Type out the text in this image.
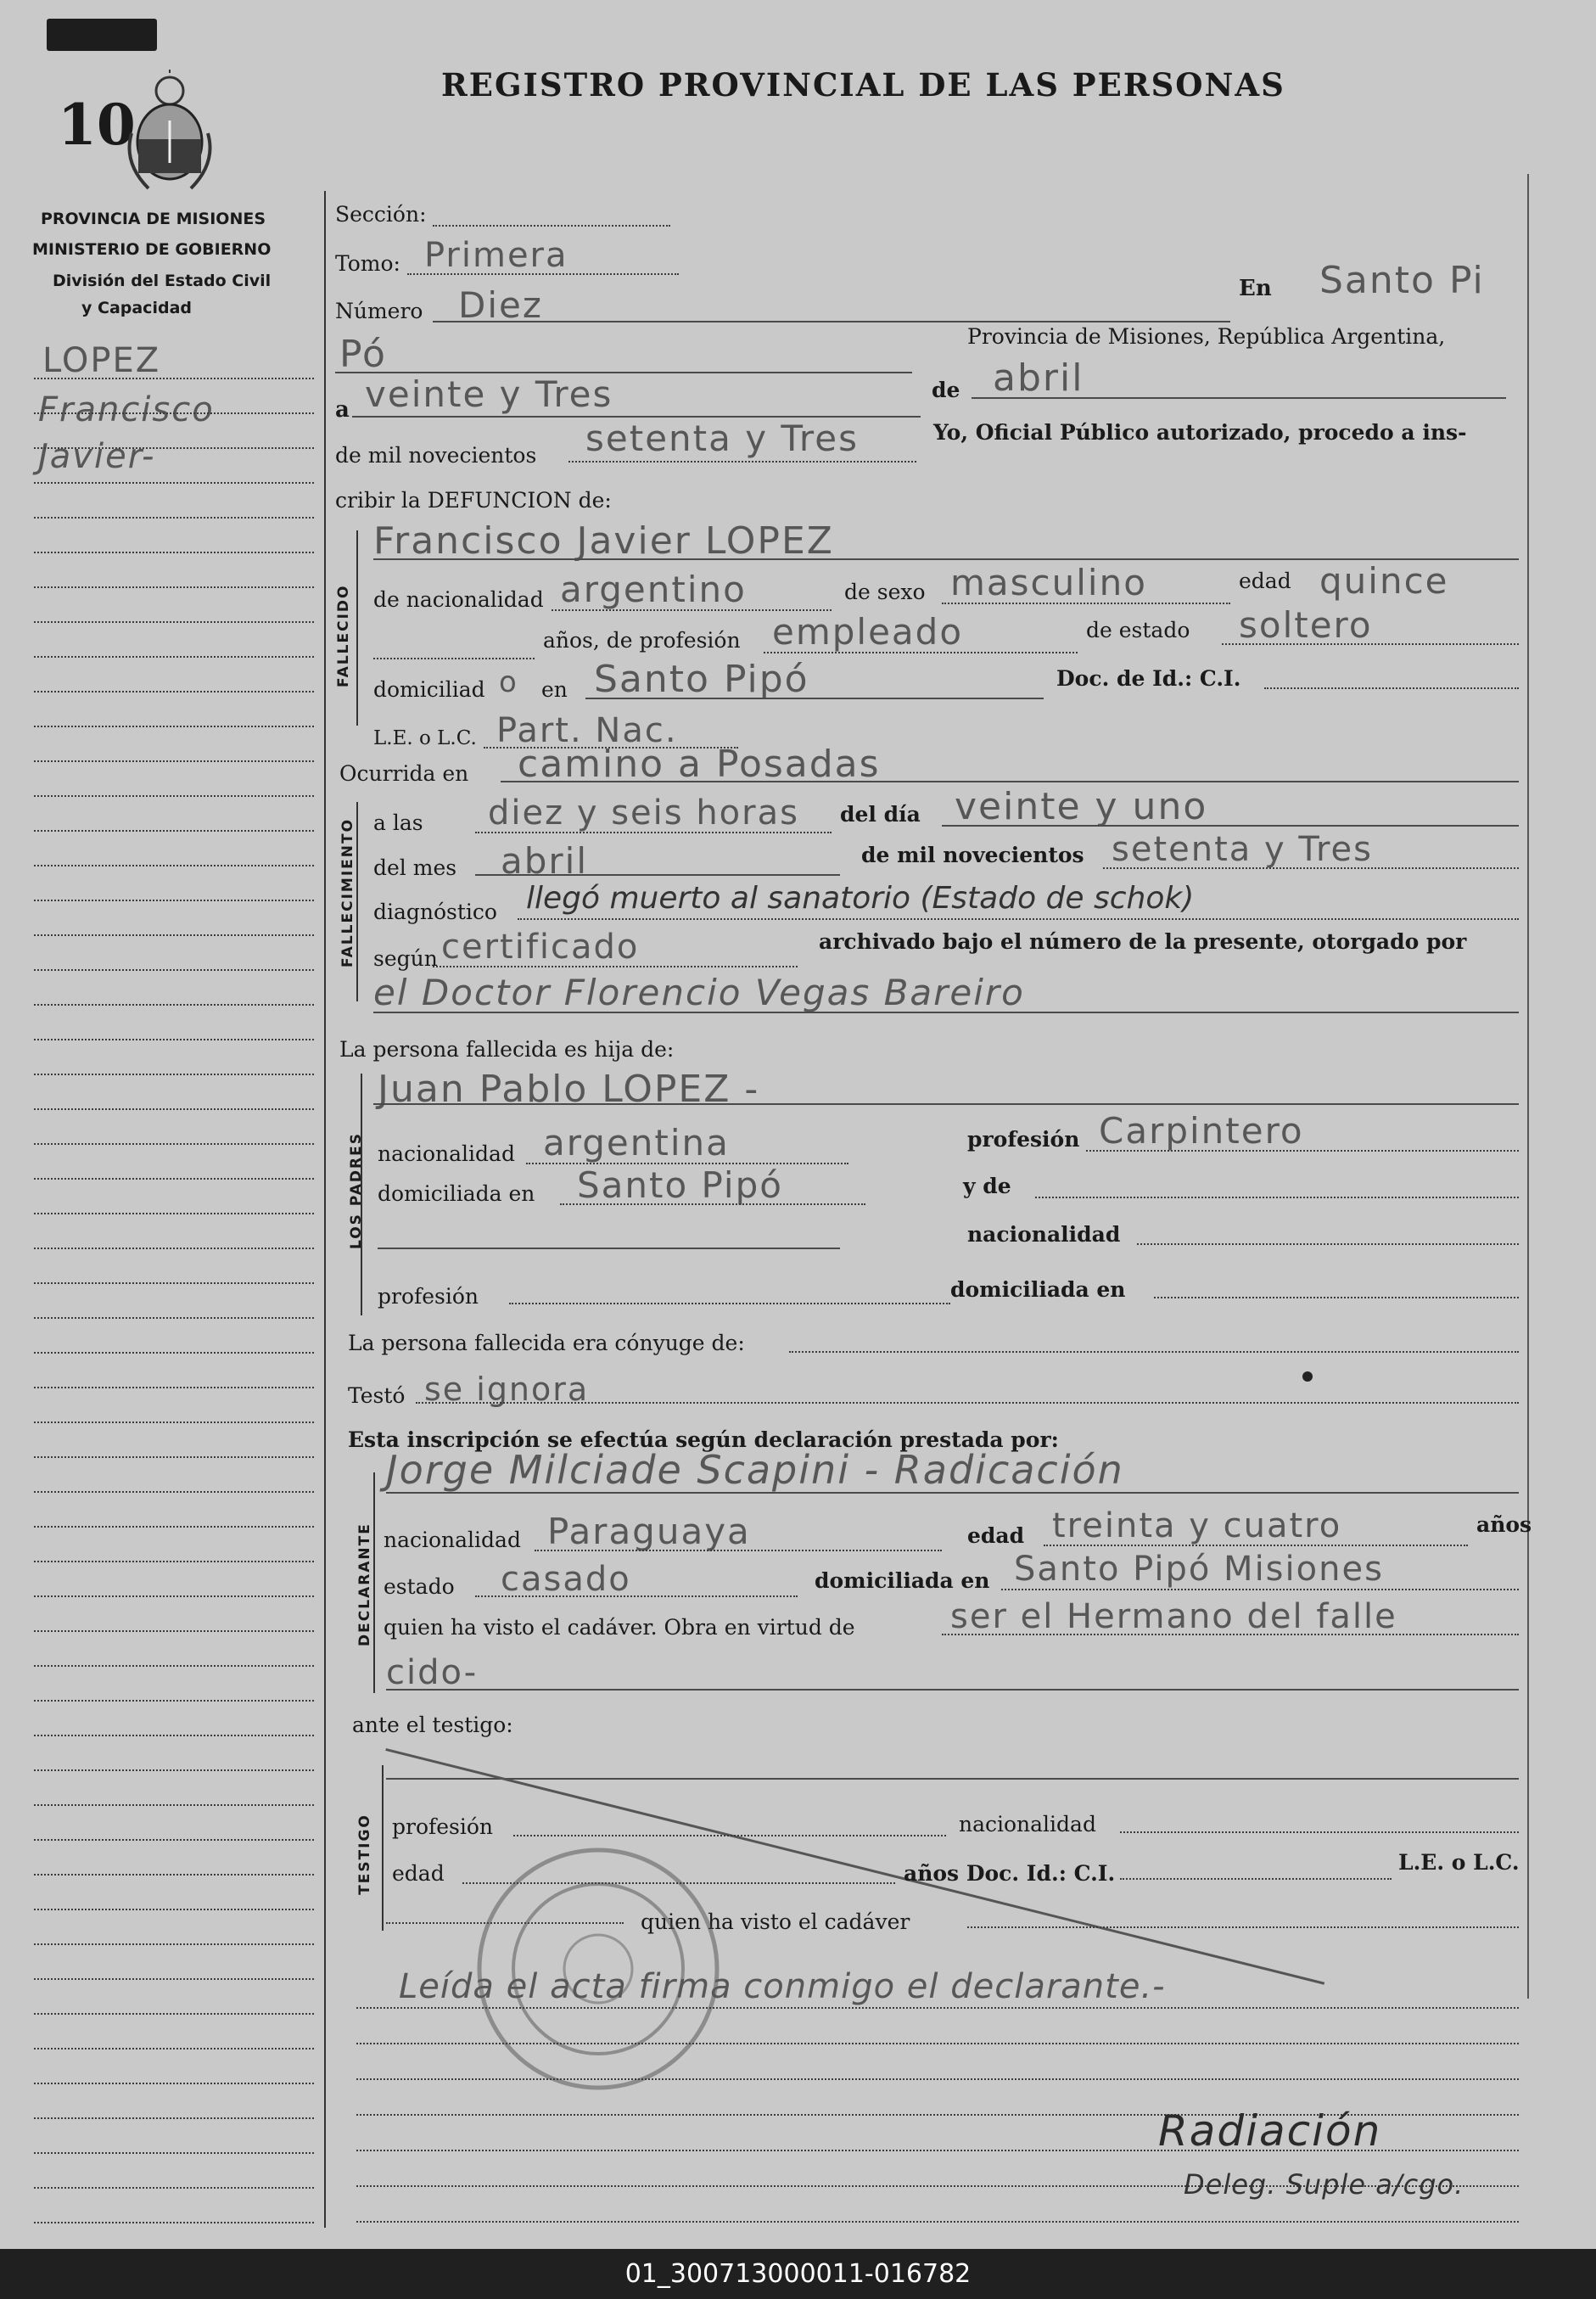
10
REGISTRO PROVINCIAL DE LAS PERSONAS
PROVINCIA DE MISIONES
MINISTERIO DE GOBIERNO
División del Estado Civil
y Capacidad
LOPEZ
Francisco
Javier-
Sección:
Tomo: Primera
Número Diez	En Santo Pi
Pó	Provincia de Misiones, República Argentina,
a veinte y Tres	de abril
de mil novecientos setenta y Tres	Yo, Oficial Público autorizado, procedo a ins-
cribir la DEFUNCION de:
FALLECIDO
Francisco Javier LOPEZ
de nacionalidad argentino	de sexo masculino	edad quince
años, de profesión empleado	de estado soltero
domiciliad o en Santo Pipó	Doc. de Id.: C.I.
L.E. o L.C. Part. Nac.
Ocurrida en camino a Posadas
FALLECIMIENTO a las diez y seis horas del día veinte y uno
del mes abril	de mil novecientos setenta y Tres
diagnóstico llegó muerto al sanatorio (Estado de schok)
según certificado	archivado bajo el número de la presente, otorgado por
el Doctor Florencio Vegas Bareiro
La persona fallecida es hija de:
LOS PADRES
Juan Pablo LOPEZ -
nacionalidad argentina	profesión Carpintero
domiciliada en Santo Pipó	y de
nacionalidad
profesión	domiciliada en
La persona fallecida era cónyuge de:
Testó se ignora
Esta inscripción se efectúa según declaración prestada por:
DECLARANTE
Jorge Milciade Scapini - Radicación
nacionalidad Paraguaya	edad treinta y cuatro	años
estado casado	domiciliada en Santo Pipó Misiones
quien ha visto el cadáver. Obra en virtud de	ser el Hermano del falle
cido-
ante el testigo:
TESTIGO profesión	nacionalidad
edad	años Doc. Id.: C.I.	L.E. o L.C.
quien ha visto el cadáver
Leída el acta firma conmigo el declarante.-
Radiación
Deleg. Suple a/cgo.
01_300713000011-016782
